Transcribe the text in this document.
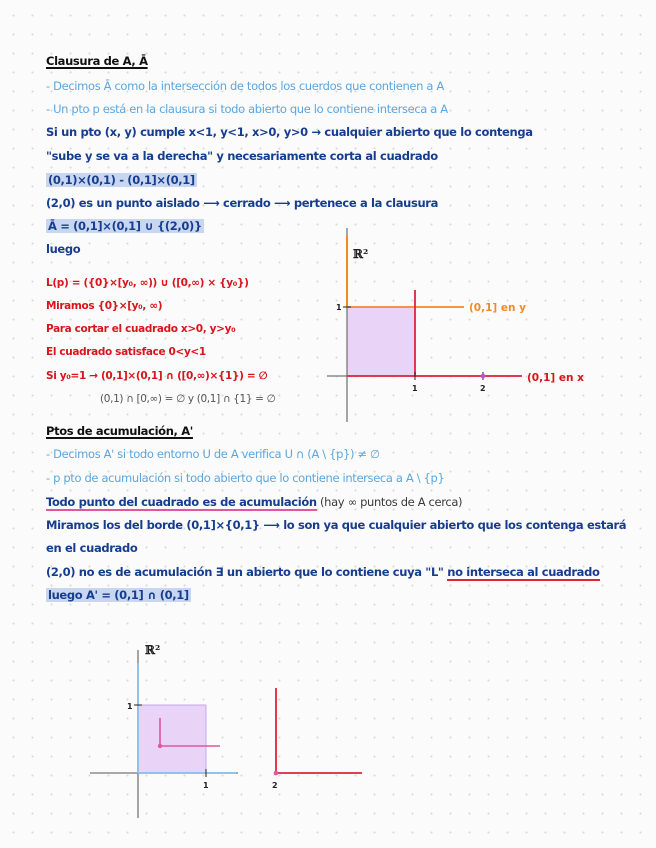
Clausura de A, Ā
- Decimos Ā como la intersección de todos los cuerdos que contienen a A
- Un pto p está en la clausura si todo abierto que lo contiene interseca a A
Si un pto (x, y) cumple x<1, y<1, x>0, y>0 → cualquier abierto que lo contenga
"sube y se va a la derecha" y necesariamente corta al cuadrado
(0,1)×(0,1) - (0,1]×(0,1]
(2,0) es un punto aislado ⟶ cerrado ⟶ pertenece a la clausura
Ā = (0,1]×(0,1] ∪ {(2,0)}
luego
L(p) = ({0}×[y₀, ∞)) ∪ ([0,∞) × {y₀})
Miramos {0}×[y₀, ∞)
Para cortar el cuadrado x>0, y>y₀
El cuadrado satisface 0<y<1
Si y₀=1 → (0,1]×(0,1] ∩ ([0,∞)×{1}) = ∅
(0,1) ∩ [0,∞) = ∅ y (0,1] ∩ {1} = ∅
Ptos de acumulación, A'
- Decimos A' si todo entorno U de A verifica U ∩ (A \ {p}) ≠ ∅
- p pto de acumulación si todo abierto que lo contiene interseca a A \ {p}
Todo punto del cuadrado es de acumulación (hay ∞ puntos de A cerca)
Miramos los del borde (0,1]×{0,1} ⟶ lo son ya que cualquier abierto que los contenga estará
en el cuadrado
(2,0) no es de acumulación ∃ un abierto que lo contiene cuya "L" no interseca al cuadrado
luego A' = (0,1] ∩ (0,1]
ℝ²
1
1	2
(0,1] en y
(0,1] en x
ℝ²
1
1	2
